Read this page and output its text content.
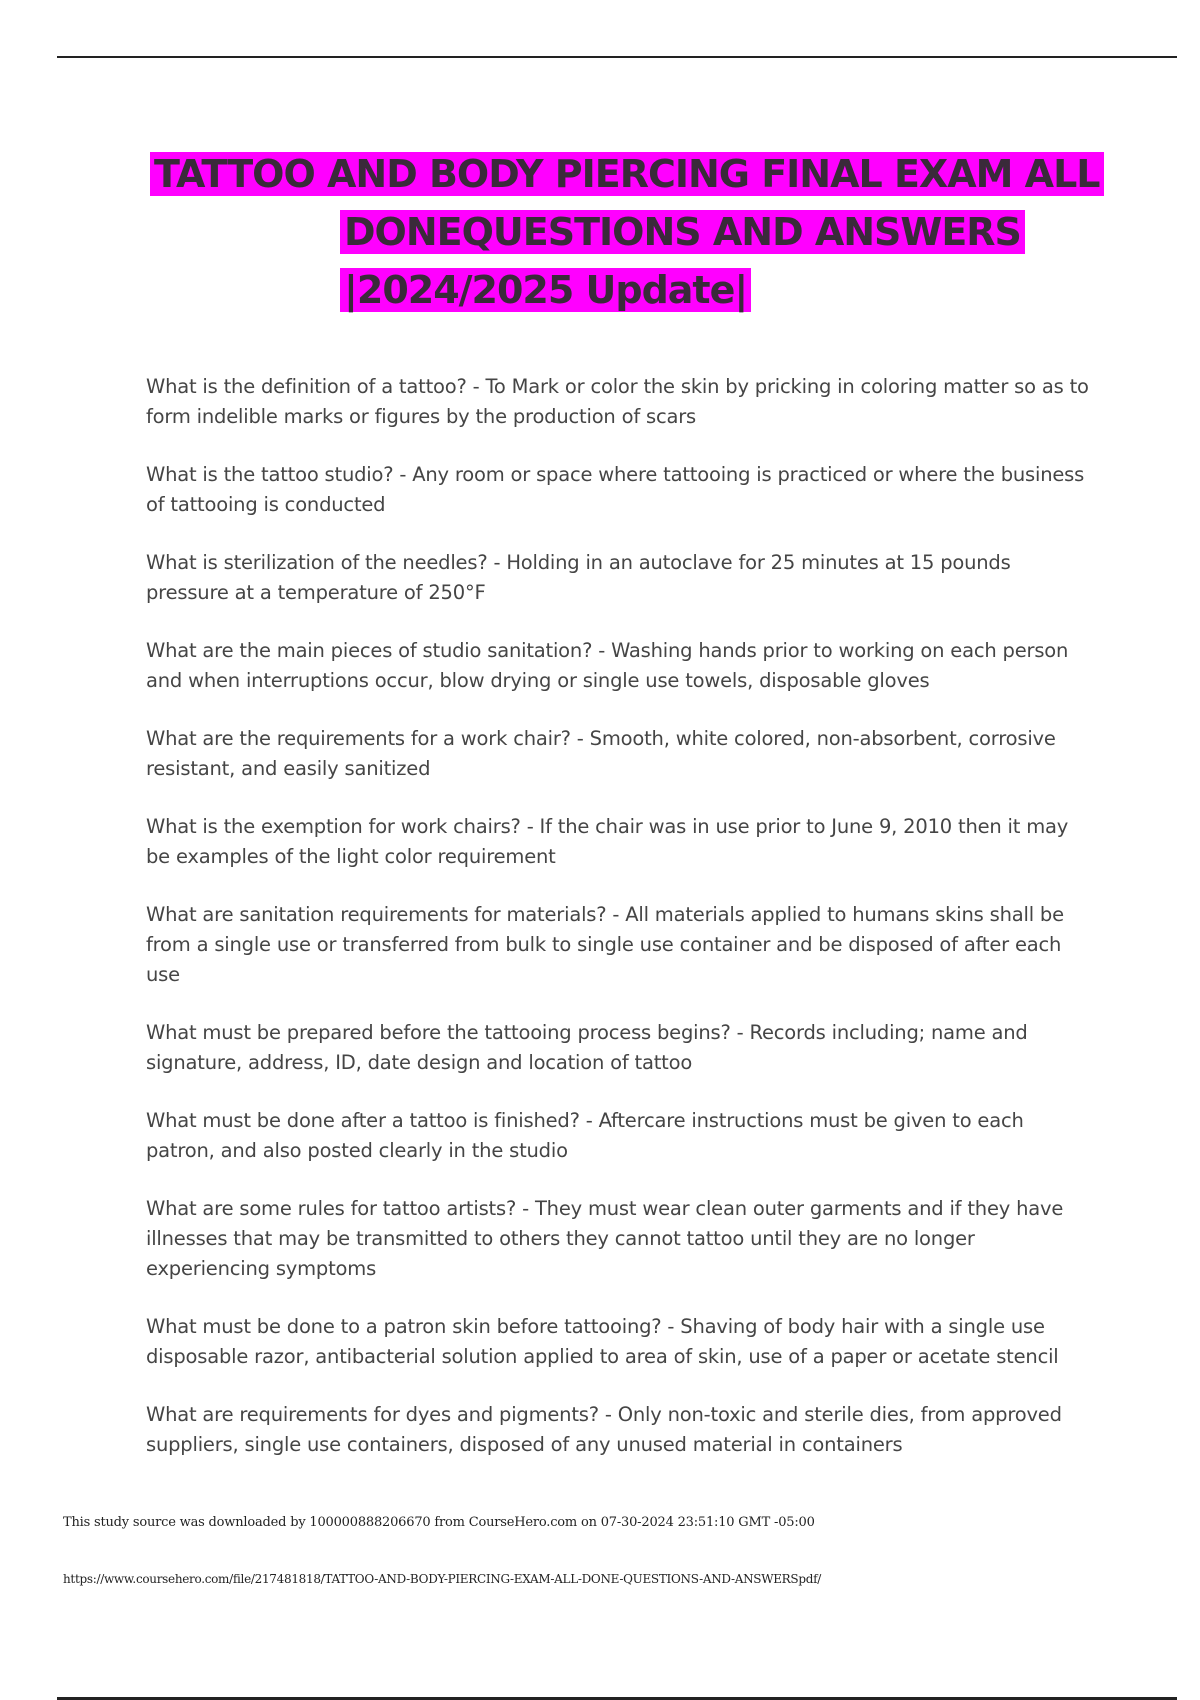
TATTOO AND BODY PIERCING FINAL EXAM ALL
DONEQUESTIONS AND ANSWERS
|2024/2025 Update|

What is the definition of a tattoo? - To Mark or color the skin by pricking in coloring matter so as to form indelible marks or figures by the production of scars

What is the tattoo studio? - Any room or space where tattooing is practiced or where the business of tattooing is conducted

What is sterilization of the needles? - Holding in an autoclave for 25 minutes at 15 pounds pressure at a temperature of 250°F

What are the main pieces of studio sanitation? - Washing hands prior to working on each person and when interruptions occur, blow drying or single use towels, disposable gloves

What are the requirements for a work chair? - Smooth, white colored, non-absorbent, corrosive resistant, and easily sanitized

What is the exemption for work chairs? - If the chair was in use prior to June 9, 2010 then it may be examples of the light color requirement

What are sanitation requirements for materials? - All materials applied to humans skins shall be from a single use or transferred from bulk to single use container and be disposed of after each use

What must be prepared before the tattooing process begins? - Records including; name and signature, address, ID, date design and location of tattoo

What must be done after a tattoo is finished? - Aftercare instructions must be given to each patron, and also posted clearly in the studio

What are some rules for tattoo artists? - They must wear clean outer garments and if they have illnesses that may be transmitted to others they cannot tattoo until they are no longer experiencing symptoms

What must be done to a patron skin before tattooing? - Shaving of body hair with a single use disposable razor, antibacterial solution applied to area of skin, use of a paper or acetate stencil

What are requirements for dyes and pigments? - Only non-toxic and sterile dies, from approved suppliers, single use containers, disposed of any unused material in containers

This study source was downloaded by 100000888206670 from CourseHero.com on 07-30-2024 23:51:10 GMT -05:00
https://www.coursehero.com/file/217481818/TATTOO-AND-BODY-PIERCING-EXAM-ALL-DONE-QUESTIONS-AND-ANSWERSpdf/
